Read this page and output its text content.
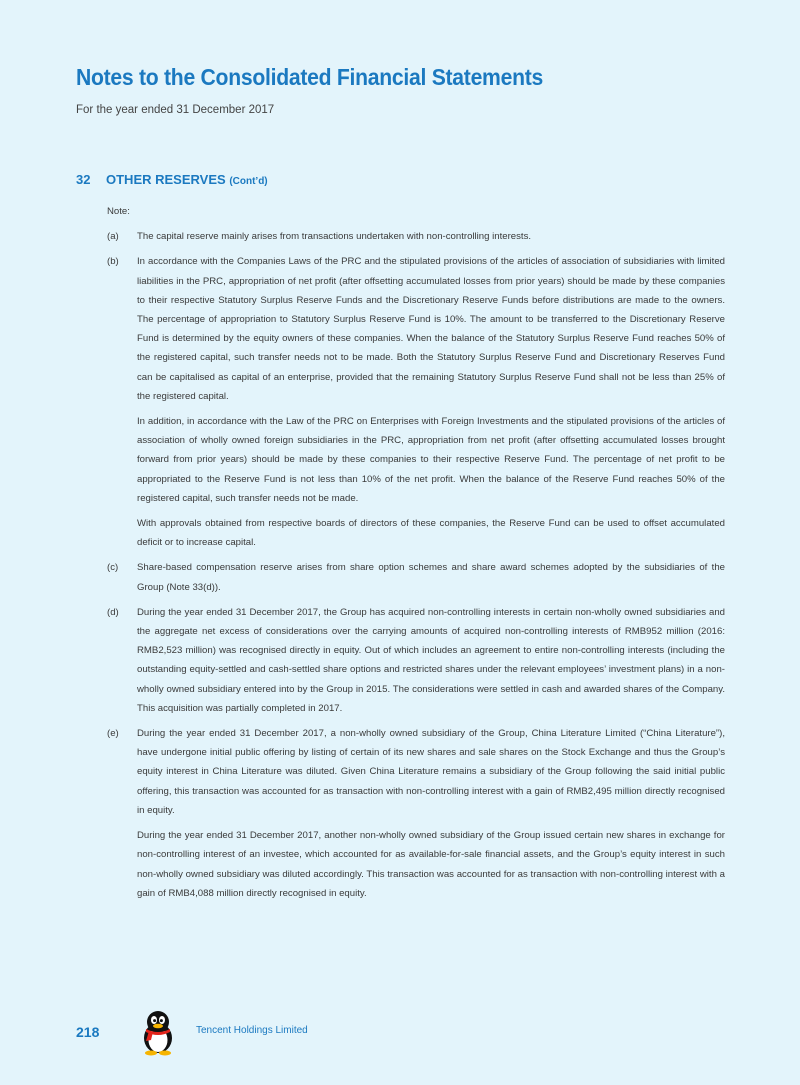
Notes to the Consolidated Financial Statements

For the year ended 31 December 2017

32 OTHER RESERVES (Cont’d)

Note:

(a)	The capital reserve mainly arises from transactions undertaken with non-controlling interests.

(b)	In accordance with the Companies Laws of the PRC and the stipulated provisions of the articles of association of subsidiaries with limited liabilities in the PRC, appropriation of net profit (after offsetting accumulated losses from prior years) should be made by these companies to their respective Statutory Surplus Reserve Funds and the Discretionary Reserve Funds before distributions are made to the owners. The percentage of appropriation to Statutory Surplus Reserve Fund is 10%. The amount to be transferred to the Discretionary Reserve Fund is determined by the equity owners of these companies. When the balance of the Statutory Surplus Reserve Fund reaches 50% of the registered capital, such transfer needs not to be made. Both the Statutory Surplus Reserve Fund and Discretionary Reserves Fund can be capitalised as capital of an enterprise, provided that the remaining Statutory Surplus Reserve Fund shall not be less than 25% of the registered capital.

In addition, in accordance with the Law of the PRC on Enterprises with Foreign Investments and the stipulated provisions of the articles of association of wholly owned foreign subsidiaries in the PRC, appropriation from net profit (after offsetting accumulated losses brought forward from prior years) should be made by these companies to their respective Reserve Fund. The percentage of net profit to be appropriated to the Reserve Fund is not less than 10% of the net profit. When the balance of the Reserve Fund reaches 50% of the registered capital, such transfer needs not be made.

With approvals obtained from respective boards of directors of these companies, the Reserve Fund can be used to offset accumulated deficit or to increase capital.

(c)	Share-based compensation reserve arises from share option schemes and share award schemes adopted by the subsidiaries of the Group (Note 33(d)).

(d)	During the year ended 31 December 2017, the Group has acquired non-controlling interests in certain non-wholly owned subsidiaries and the aggregate net excess of considerations over the carrying amounts of acquired non-controlling interests of RMB952 million (2016: RMB2,523 million) was recognised directly in equity. Out of which includes an agreement to entire non-controlling interests (including the outstanding equity-settled and cash-settled share options and restricted shares under the relevant employees’ investment plans) in a non-wholly owned subsidiary entered into by the Group in 2015. The considerations were settled in cash and awarded shares of the Company. This acquisition was partially completed in 2017.

(e)	During the year ended 31 December 2017, a non-wholly owned subsidiary of the Group, China Literature Limited (“China Literature”), have undergone initial public offering by listing of certain of its new shares and sale shares on the Stock Exchange and thus the Group’s equity interest in China Literature was diluted. Given China Literature remains a subsidiary of the Group following the said initial public offering, this transaction was accounted for as transaction with non-controlling interest with a gain of RMB2,495 million directly recognised in equity.

During the year ended 31 December 2017, another non-wholly owned subsidiary of the Group issued certain new shares in exchange for non-controlling interest of an investee, which accounted for as available-for-sale financial assets, and the Group’s equity interest in such non-wholly owned subsidiary was diluted accordingly. This transaction was accounted for as transaction with non-controlling interest with a gain of RMB4,088 million directly recognised in equity.

218	Tencent Holdings Limited
